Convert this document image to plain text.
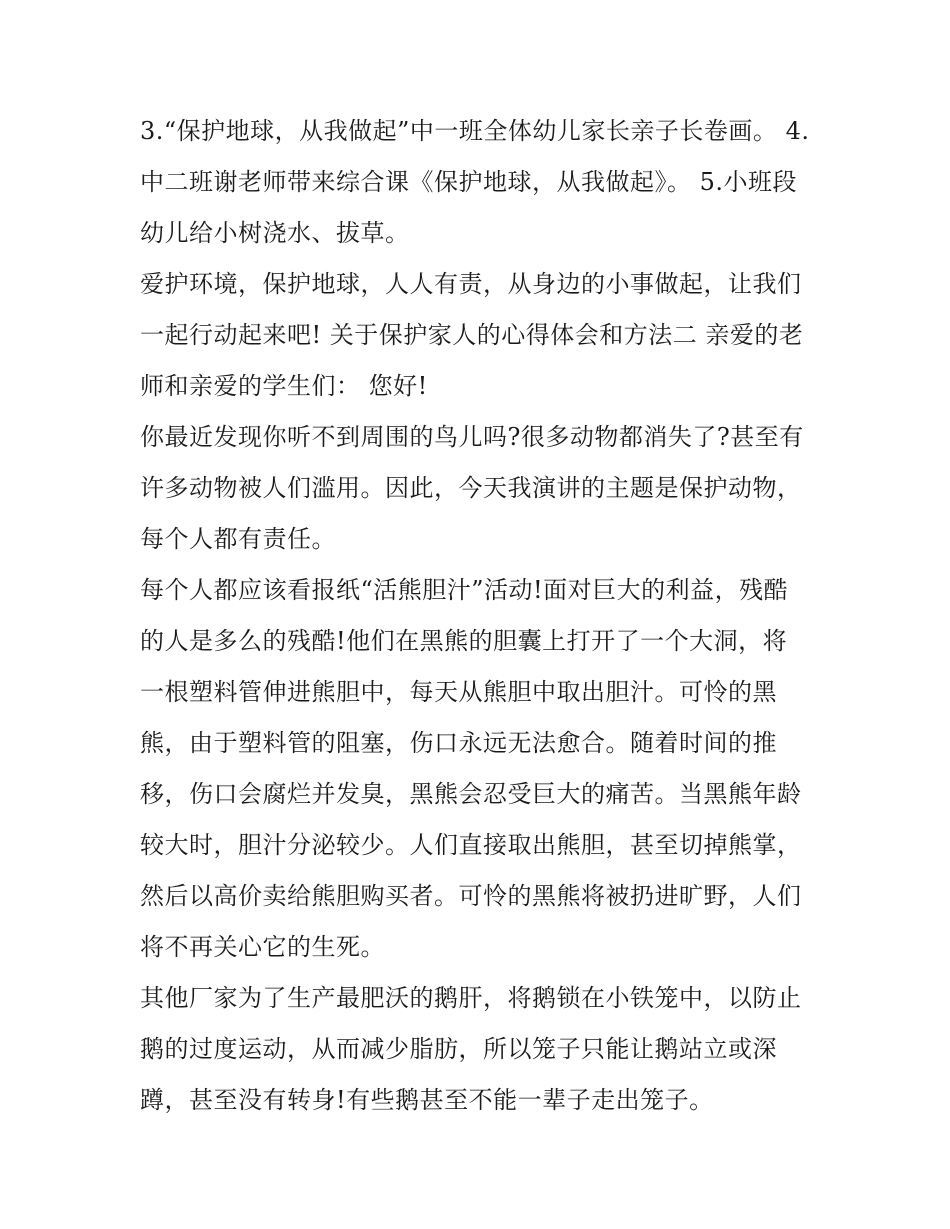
3.“保护地球，从我做起”中一班全体幼儿家长亲子长卷画。 4.
中二班谢老师带来综合课《保护地球，从我做起》。 5.小班段
幼儿给小树浇水、拔草。
爱护环境，保护地球，人人有责，从身边的小事做起，让我们
一起行动起来吧! 关于保护家人的心得体会和方法二 亲爱的老
师和亲爱的学生们： 您好!
你最近发现你听不到周围的鸟儿吗?很多动物都消失了?甚至有
许多动物被人们滥用。因此，今天我演讲的主题是保护动物，
每个人都有责任。
每个人都应该看报纸“活熊胆汁”活动!面对巨大的利益，残酷
的人是多么的残酷!他们在黑熊的胆囊上打开了一个大洞，将
一根塑料管伸进熊胆中，每天从熊胆中取出胆汁。可怜的黑
熊，由于塑料管的阻塞，伤口永远无法愈合。随着时间的推
移，伤口会腐烂并发臭，黑熊会忍受巨大的痛苦。当黑熊年龄
较大时，胆汁分泌较少。人们直接取出熊胆，甚至切掉熊掌，
然后以高价卖给熊胆购买者。可怜的黑熊将被扔进旷野，人们
将不再关心它的生死。
其他厂家为了生产最肥沃的鹅肝，将鹅锁在小铁笼中，以防止
鹅的过度运动，从而减少脂肪，所以笼子只能让鹅站立或深
蹲，甚至没有转身!有些鹅甚至不能一辈子走出笼子。
